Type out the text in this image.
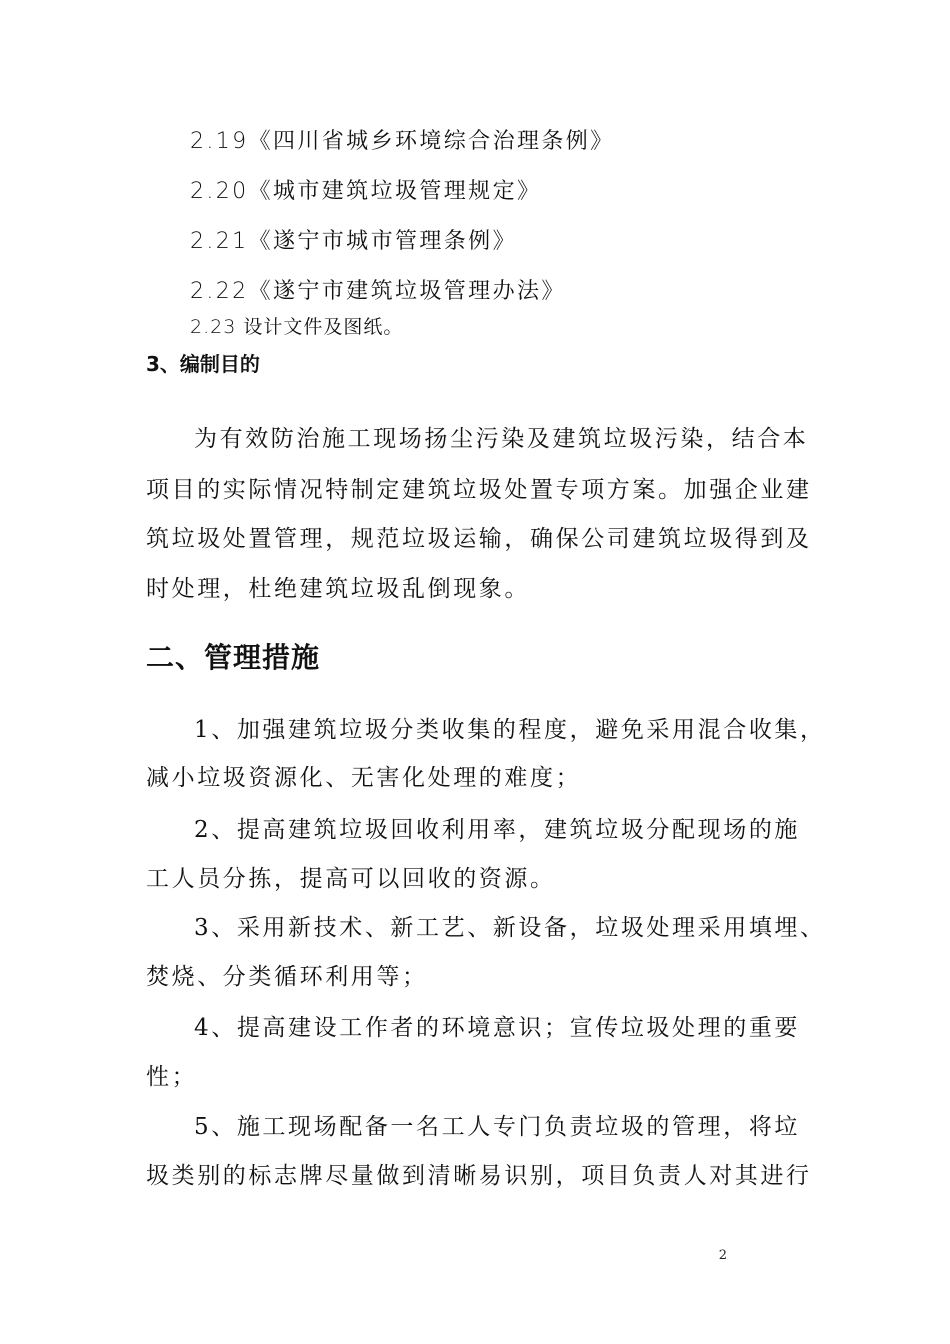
2.19《四川省城乡环境综合治理条例》
2.20《城市建筑垃圾管理规定》
2.21《遂宁市城市管理条例》
2.22《遂宁市建筑垃圾管理办法》
2.23 设计文件及图纸。
3、编制目的
为有效防治施工现场扬尘污染及建筑垃圾污染，结合本
项目的实际情况特制定建筑垃圾处置专项方案。加强企业建
筑垃圾处置管理，规范垃圾运输，确保公司建筑垃圾得到及
时处理，杜绝建筑垃圾乱倒现象。
二、管理措施
1、加强建筑垃圾分类收集的程度，避免采用混合收集，
减小垃圾资源化、无害化处理的难度；
2、提高建筑垃圾回收利用率，建筑垃圾分配现场的施
工人员分拣，提高可以回收的资源。
3、采用新技术、新工艺、新设备，垃圾处理采用填埋、
焚烧、分类循环利用等；
4、提高建设工作者的环境意识；宣传垃圾处理的重要
性；
5、施工现场配备一名工人专门负责垃圾的管理，将垃
圾类别的标志牌尽量做到清晰易识别，项目负责人对其进行
2
